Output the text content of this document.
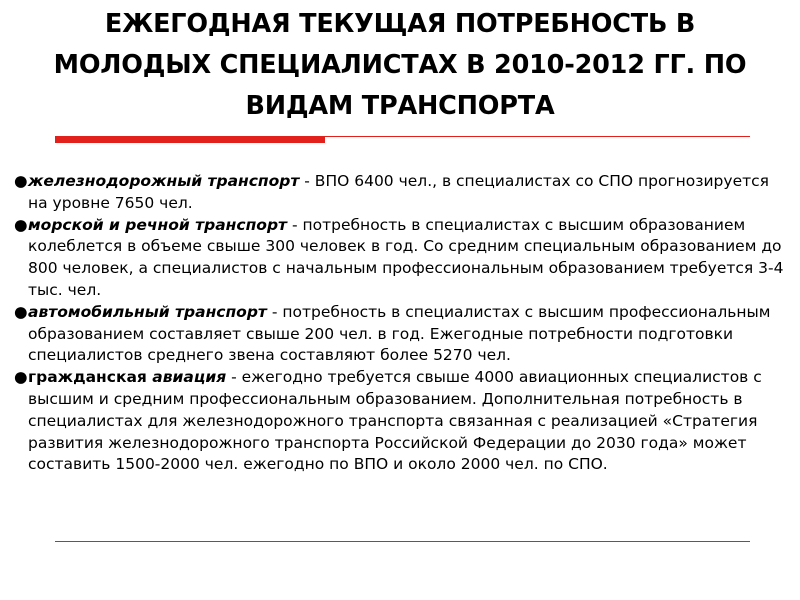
ЕЖЕГОДНАЯ ТЕКУЩАЯ ПОТРЕБНОСТЬ В
МОЛОДЫХ СПЕЦИАЛИСТАХ В 2010-2012 ГГ. ПО
ВИДАМ ТРАНСПОРТА

● железнодорожный транспорт - ВПО 6400 чел., в специалистах со СПО прогнозируется на уровне 7650 чел.

● морской и речной транспорт - потребность в специалистах с высшим образованием колеблется в объеме свыше 300 человек в год. Со средним специальным образованием до 800 человек, а специалистов с начальным профессиональным образованием требуется 3-4 тыс. чел.

● автомобильный транспорт - потребность в специалистах с высшим профессиональным образованием составляет свыше 200 чел. в год. Ежегодные потребности подготовки специалистов среднего звена составляют более 5270 чел.

● гражданская авиация - ежегодно требуется свыше 4000 авиационных специалистов с высшим и средним профессиональным образованием. Дополнительная потребность в специалистах для железнодорожного транспорта связанная с реализацией «Стратегия развития железнодорожного транспорта Российской Федерации до 2030 года» может составить 1500-2000 чел. ежегодно по ВПО и около 2000 чел. по СПО.
